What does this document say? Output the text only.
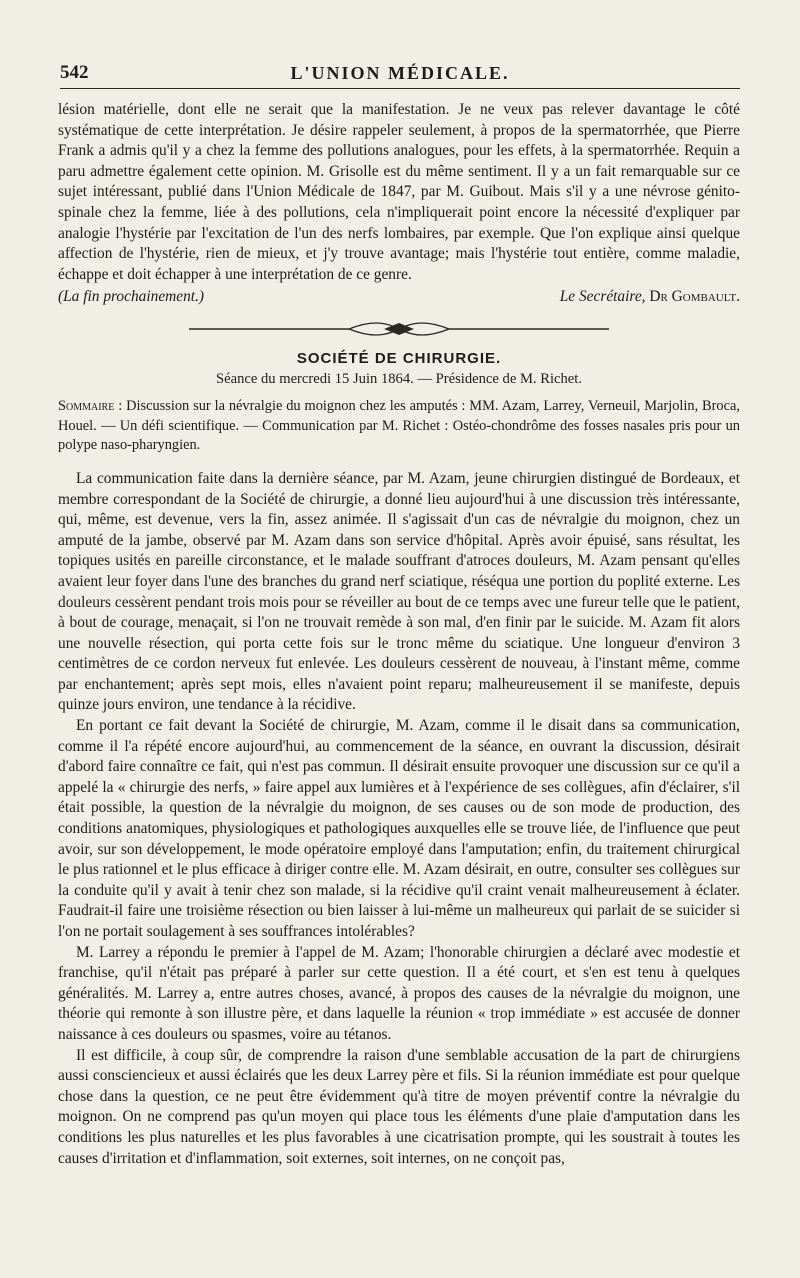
542	L'UNION MÉDICALE.

lésion matérielle, dont elle ne serait que la manifestation. Je ne veux pas relever davantage le côté systématique de cette interprétation. Je désire rappeler seulement, à propos de la spermatorrhée, que Pierre Frank a admis qu'il y a chez la femme des pollutions analogues, pour les effets, à la spermatorrhée. Requin a paru admettre également cette opinion. M. Grisolle est du même sentiment. Il y a un fait remarquable sur ce sujet intéressant, publié dans l'Union Médicale de 1847, par M. Guibout. Mais s'il y a une névrose génito-spinale chez la femme, liée à des pollutions, cela n'impliquerait point encore la nécessité d'expliquer par analogie l'hystérie par l'excitation de l'un des nerfs lombaires, par exemple. Que l'on explique ainsi quelque affection de l'hystérie, rien de mieux, et j'y trouve avantage; mais l'hystérie tout entière, comme maladie, échappe et doit échapper à une interprétation de ce genre.

(La fin prochainement.)	Le Secrétaire, Dr Gombault.
SOCIÉTÉ DE CHIRURGIE.
Séance du mercredi 15 Juin 1864. — Présidence de M. Richet.
Sommaire : Discussion sur la névralgie du moignon chez les amputés : MM. Azam, Larrey, Verneuil, Marjolin, Broca, Houel. — Un défi scientifique. — Communication par M. Richet : Ostéo-chondrôme des fosses nasales pris pour un polype naso-pharyngien.

La communication faite dans la dernière séance, par M. Azam, jeune chirurgien distingué de Bordeaux, et membre correspondant de la Société de chirurgie, a donné lieu aujourd'hui à une discussion très intéressante, qui, même, est devenue, vers la fin, assez animée. Il s'agissait d'un cas de névralgie du moignon, chez un amputé de la jambe, observé par M. Azam dans son service d'hôpital. Après avoir épuisé, sans résultat, les topiques usités en pareille circonstance, et le malade souffrant d'atroces douleurs, M. Azam pensant qu'elles avaient leur foyer dans l'une des branches du grand nerf sciatique, réséqua une portion du poplité externe. Les douleurs cessèrent pendant trois mois pour se réveiller au bout de ce temps avec une fureur telle que le patient, à bout de courage, menaçait, si l'on ne trouvait remède à son mal, d'en finir par le suicide. M. Azam fit alors une nouvelle résection, qui porta cette fois sur le tronc même du sciatique. Une longueur d'environ 3 centimètres de ce cordon nerveux fut enlevée. Les douleurs cessèrent de nouveau, à l'instant même, comme par enchantement; après sept mois, elles n'avaient point reparu; malheureusement il se manifeste, depuis quinze jours environ, une tendance à la récidive.

En portant ce fait devant la Société de chirurgie, M. Azam, comme il le disait dans sa communication, comme il l'a répété encore aujourd'hui, au commencement de la séance, en ouvrant la discussion, désirait d'abord faire connaître ce fait, qui n'est pas commun. Il désirait ensuite provoquer une discussion sur ce qu'il a appelé la « chirurgie des nerfs, » faire appel aux lumières et à l'expérience de ses collègues, afin d'éclairer, s'il était possible, la question de la névralgie du moignon, de ses causes ou de son mode de production, des conditions anatomiques, physiologiques et pathologiques auxquelles elle se trouve liée, de l'influence que peut avoir, sur son développement, le mode opératoire employé dans l'amputation; enfin, du traitement chirurgical le plus rationnel et le plus efficace à diriger contre elle. M. Azam désirait, en outre, consulter ses collègues sur la conduite qu'il y avait à tenir chez son malade, si la récidive qu'il craint venait malheureusement à éclater. Faudrait-il faire une troisième résection ou bien laisser à lui-même un malheureux qui parlait de se suicider si l'on ne portait soulagement à ses souffrances intolérables?

M. Larrey a répondu le premier à l'appel de M. Azam; l'honorable chirurgien a déclaré avec modestie et franchise, qu'il n'était pas préparé à parler sur cette question. Il a été court, et s'en est tenu à quelques généralités. M. Larrey a, entre autres choses, avancé, à propos des causes de la névralgie du moignon, une théorie qui remonte à son illustre père, et dans laquelle la réunion « trop immédiate » est accusée de donner naissance à ces douleurs ou spasmes, voire au tétanos.

Il est difficile, à coup sûr, de comprendre la raison d'une semblable accusation de la part de chirurgiens aussi consciencieux et aussi éclairés que les deux Larrey père et fils. Si la réunion immédiate est pour quelque chose dans la question, ce ne peut être évidemment qu'à titre de moyen préventif contre la névralgie du moignon. On ne comprend pas qu'un moyen qui place tous les éléments d'une plaie d'amputation dans les conditions les plus naturelles et les plus favorables à une cicatrisation prompte, qui les soustrait à toutes les causes d'irritation et d'inflammation, soit externes, soit internes, on ne conçoit pas,
